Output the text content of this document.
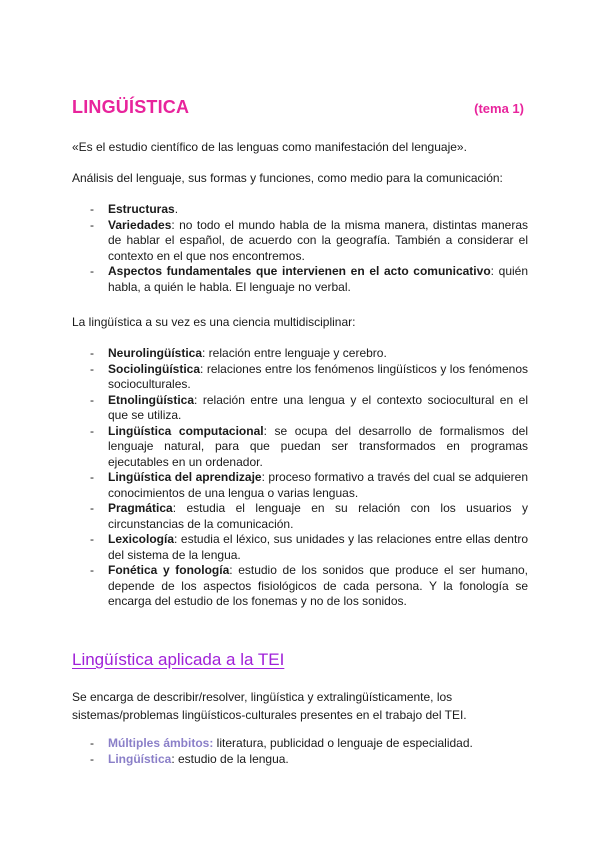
LINGÜÍSTICA	(tema 1)

«Es el estudio científico de las lenguas como manifestación del lenguaje».

Análisis del lenguaje, sus formas y funciones, como medio para la comunicación:

- Estructuras.
- Variedades: no todo el mundo habla de la misma manera, distintas maneras de hablar el español, de acuerdo con la geografía. También a considerar el contexto en el que nos encontremos.
- Aspectos fundamentales que intervienen en el acto comunicativo: quién habla, a quién le habla. El lenguaje no verbal.

La lingüística a su vez es una ciencia multidisciplinar:

- Neurolingüística: relación entre lenguaje y cerebro.
- Sociolingüística: relaciones entre los fenómenos lingüísticos y los fenómenos socioculturales.
- Etnolingüística: relación entre una lengua y el contexto sociocultural en el que se utiliza.
- Lingüística computacional: se ocupa del desarrollo de formalismos del lenguaje natural, para que puedan ser transformados en programas ejecutables en un ordenador.
- Lingüística del aprendizaje: proceso formativo a través del cual se adquieren conocimientos de una lengua o varias lenguas.
- Pragmática: estudia el lenguaje en su relación con los usuarios y circunstancias de la comunicación.
- Lexicología: estudia el léxico, sus unidades y las relaciones entre ellas dentro del sistema de la lengua.
- Fonética y fonología: estudio de los sonidos que produce el ser humano, depende de los aspectos fisiológicos de cada persona. Y la fonología se encarga del estudio de los fonemas y no de los sonidos.
Lingüística aplicada a la TEI

Se encarga de describir/resolver, lingüística y extralingüísticamente, los sistemas/problemas lingüísticos-culturales presentes en el trabajo del TEI.

- Múltiples ámbitos: literatura, publicidad o lenguaje de especialidad.
- Lingüística: estudio de la lengua.
